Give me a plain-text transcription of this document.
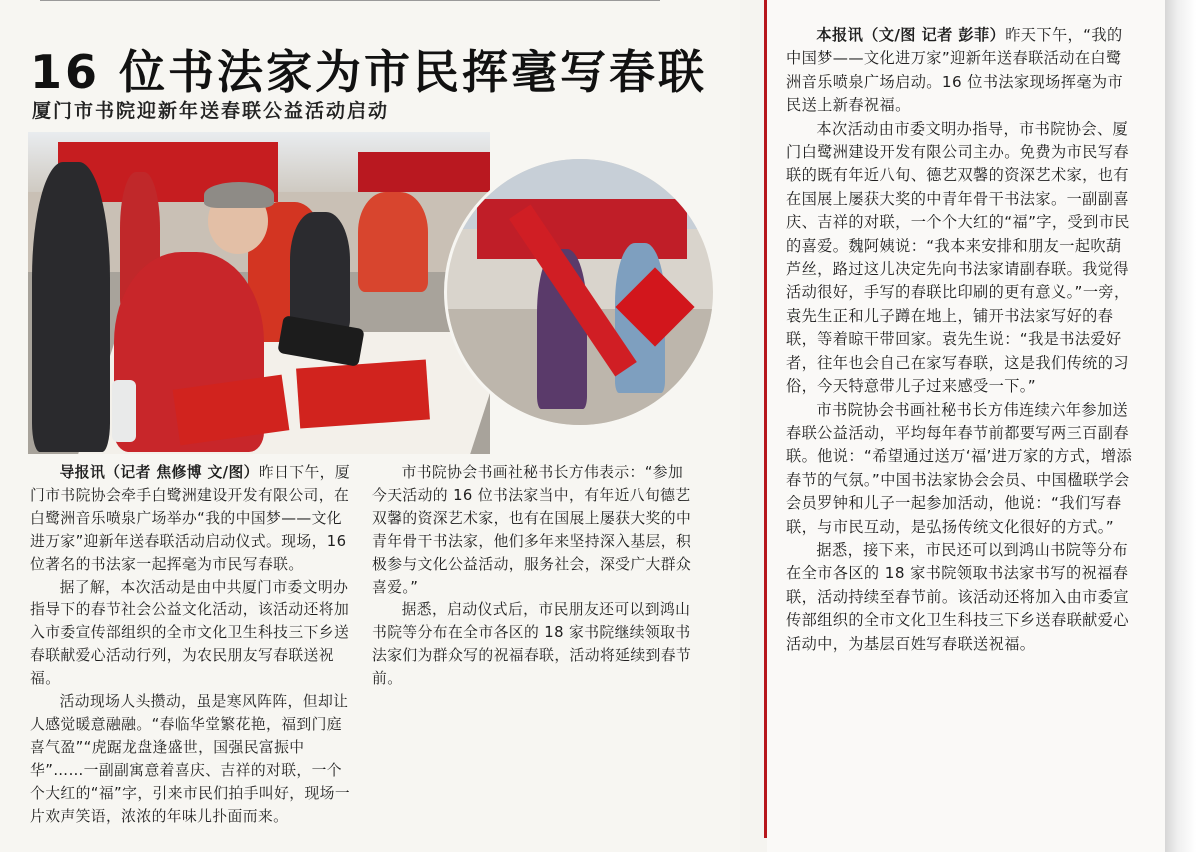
16 位书法家为市民挥毫写春联
厦门市书院迎新年送春联公益活动启动

导报讯（记者 焦修博 文/图）昨日下午，厦门市书院协会牵手白鹭洲建设开发有限公司，在白鹭洲音乐喷泉广场举办“我的中国梦——文化进万家”迎新年送春联活动启动仪式。现场，16 位著名的书法家一起挥毫为市民写春联。

据了解，本次活动是由中共厦门市委文明办指导下的春节社会公益文化活动，该活动还将加入市委宣传部组织的全市文化卫生科技三下乡送春联献爱心活动行列，为农民朋友写春联送祝福。

活动现场人头攒动，虽是寒风阵阵，但却让人感觉暖意融融。“春临华堂繁花艳，福到门庭喜气盈”“虎踞龙盘逢盛世，国强民富振中华”……一副副寓意着喜庆、吉祥的对联，一个个大红的“福”字，引来市民们拍手叫好，现场一片欢声笑语，浓浓的年味儿扑面而来。

市书院协会书画社秘书长方伟表示：“参加今天活动的 16 位书法家当中，有年近八旬德艺双馨的资深艺术家，也有在国展上屡获大奖的中青年骨干书法家，他们多年来坚持深入基层，积极参与文化公益活动，服务社会，深受广大群众喜爱。”

据悉，启动仪式后，市民朋友还可以到鸿山书院等分布在全市各区的 18 家书院继续领取书法家们为群众写的祝福春联，活动将延续到春节前。

本报讯（文/图 记者 彭菲）昨天下午，“我的中国梦——文化进万家”迎新年送春联活动在白鹭洲音乐喷泉广场启动。16 位书法家现场挥毫为市民送上新春祝福。

本次活动由市委文明办指导，市书院协会、厦门白鹭洲建设开发有限公司主办。免费为市民写春联的既有年近八旬、德艺双馨的资深艺术家，也有在国展上屡获大奖的中青年骨干书法家。一副副喜庆、吉祥的对联，一个个大红的“福”字，受到市民的喜爱。魏阿姨说：“我本来安排和朋友一起吹葫芦丝，路过这儿决定先向书法家请副春联。我觉得活动很好，手写的春联比印刷的更有意义。”一旁，袁先生正和儿子蹲在地上，铺开书法家写好的春联，等着晾干带回家。袁先生说：“我是书法爱好者，往年也会自己在家写春联，这是我们传统的习俗，今天特意带儿子过来感受一下。”

市书院协会书画社秘书长方伟连续六年参加送春联公益活动，平均每年春节前都要写两三百副春联。他说：“希望通过送万‘福’进万家的方式，增添春节的气氛。”中国书法家协会会员、中国楹联学会会员罗钟和儿子一起参加活动，他说：“我们写春联，与市民互动，是弘扬传统文化很好的方式。”

据悉，接下来，市民还可以到鸿山书院等分布在全市各区的 18 家书院领取书法家书写的祝福春联，活动持续至春节前。该活动还将加入由市委宣传部组织的全市文化卫生科技三下乡送春联献爱心活动中，为基层百姓写春联送祝福。
